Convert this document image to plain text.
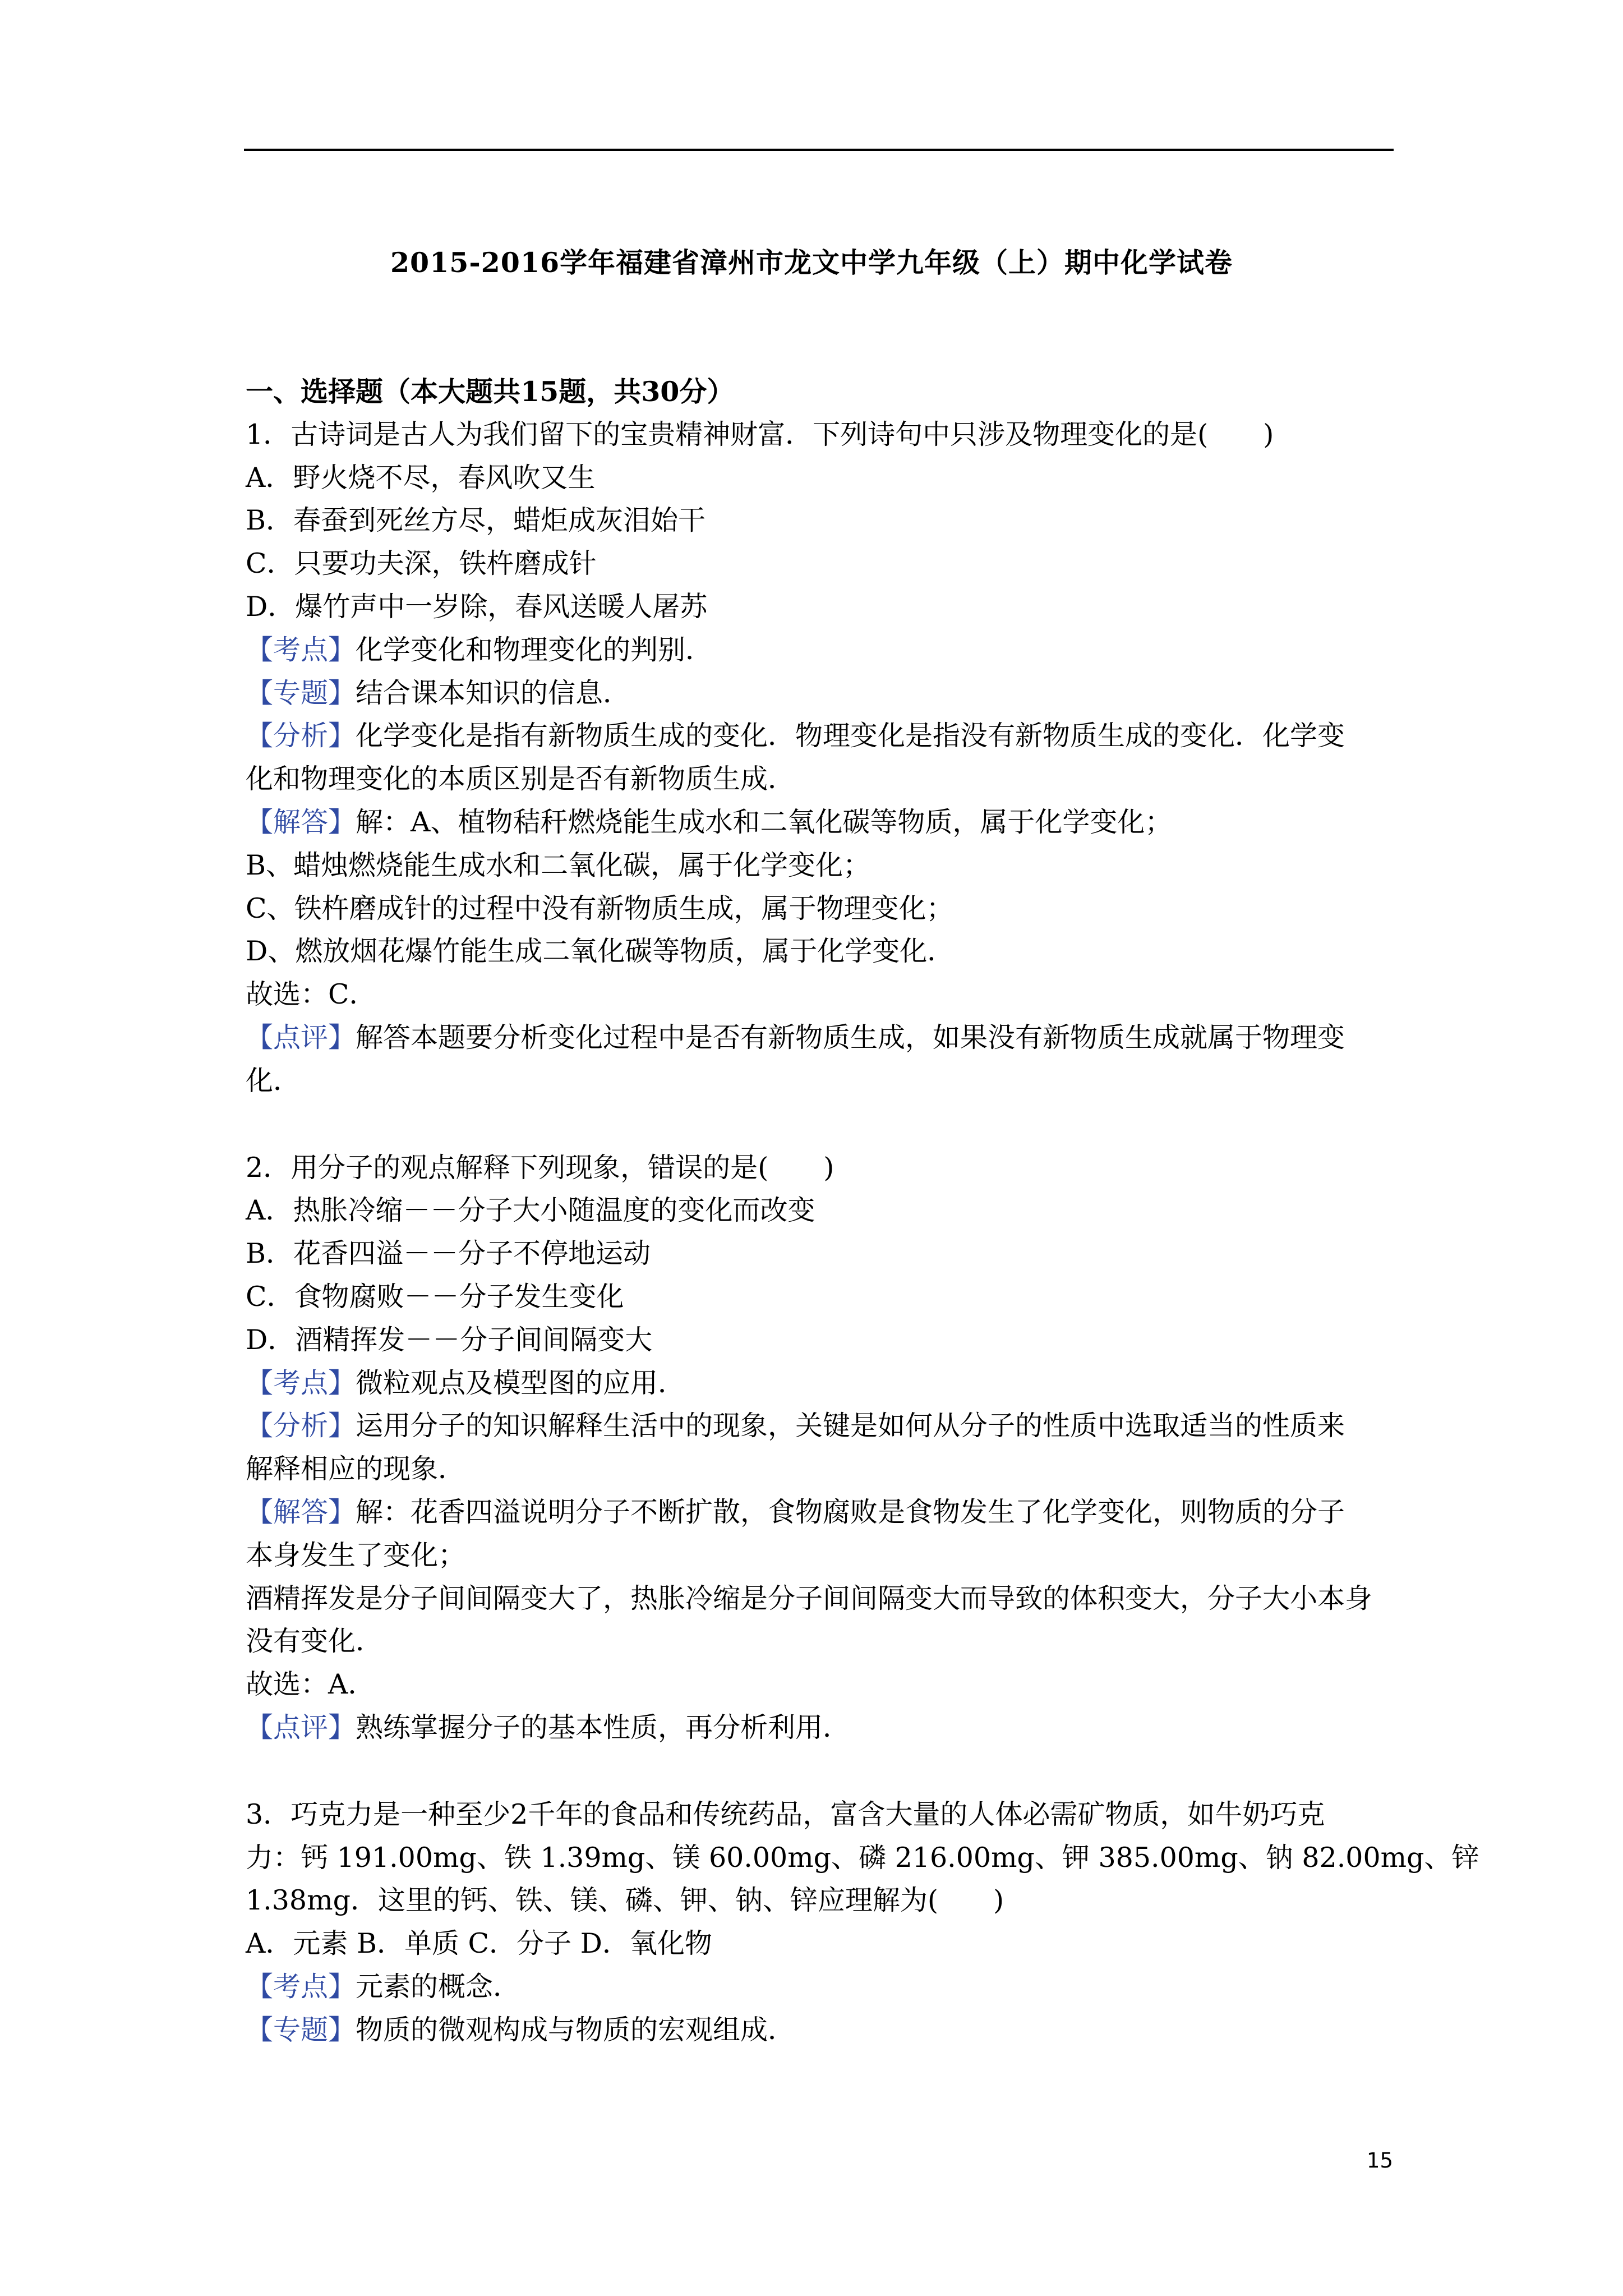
2015-2016学年福建省漳州市龙文中学九年级（上）期中化学试卷
一、选择题（本大题共15题，共30分）
1．古诗词是古人为我们留下的宝贵精神财富．下列诗句中只涉及物理变化的是(　　)
A．野火烧不尽，春风吹又生
B．春蚕到死丝方尽，蜡炬成灰泪始干
C．只要功夫深，铁杵磨成针
D．爆竹声中一岁除，春风送暖人屠苏
【考点】化学变化和物理变化的判别．
【专题】结合课本知识的信息．
【分析】化学变化是指有新物质生成的变化．物理变化是指没有新物质生成的变化．化学变
化和物理变化的本质区别是否有新物质生成．
【解答】解：A、植物秸秆燃烧能生成水和二氧化碳等物质，属于化学变化；
B、蜡烛燃烧能生成水和二氧化碳，属于化学变化；
C、铁杵磨成针的过程中没有新物质生成，属于物理变化；
D、燃放烟花爆竹能生成二氧化碳等物质，属于化学变化．
故选：C．
【点评】解答本题要分析变化过程中是否有新物质生成，如果没有新物质生成就属于物理变
化．
2．用分子的观点解释下列现象，错误的是(　　)
A．热胀冷缩－－分子大小随温度的变化而改变
B．花香四溢－－分子不停地运动
C．食物腐败－－分子发生变化
D．酒精挥发－－分子间间隔变大
【考点】微粒观点及模型图的应用．
【分析】运用分子的知识解释生活中的现象，关键是如何从分子的性质中选取适当的性质来
解释相应的现象．
【解答】解：花香四溢说明分子不断扩散，食物腐败是食物发生了化学变化，则物质的分子
本身发生了变化；
酒精挥发是分子间间隔变大了，热胀冷缩是分子间间隔变大而导致的体积变大，分子大小本身
没有变化．
故选：A．
【点评】熟练掌握分子的基本性质，再分析利用．
3．巧克力是一种至少2千年的食品和传统药品，富含大量的人体必需矿物质，如牛奶巧克
力：钙 191.00mg、铁 1.39mg、镁 60.00mg、磷 216.00mg、钾 385.00mg、钠 82.00mg、锌
1.38mg．这里的钙、铁、镁、磷、钾、钠、锌应理解为(　　)
A．元素 B．单质 C．分子 D．氧化物
【考点】元素的概念．
【专题】物质的微观构成与物质的宏观组成．
15
